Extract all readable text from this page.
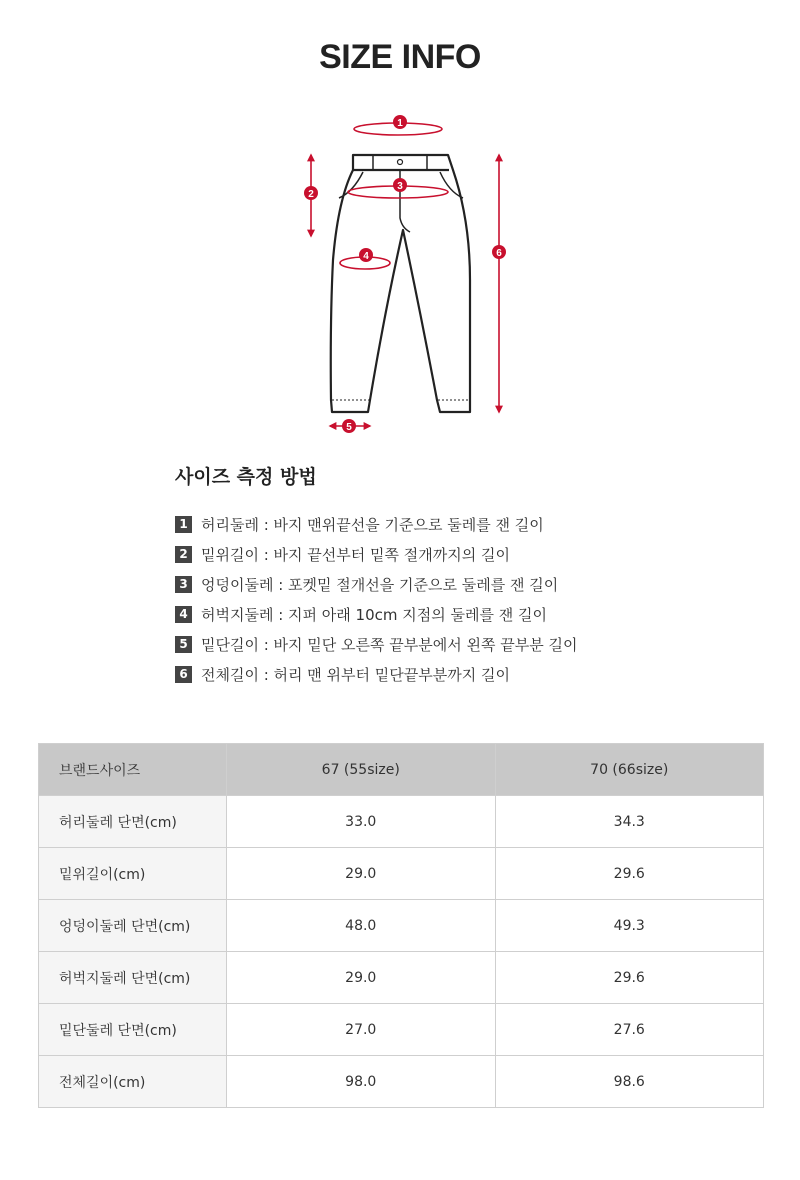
SIZE INFO
1
2
3
4
5
6
사이즈 측정 방법
1 허리둘레 : 바지 맨위끝선을 기준으로 둘레를 잰 길이
2 밑위길이 : 바지 끝선부터 밑쪽 절개까지의 길이
3 엉덩이둘레 : 포켓밑 절개선을 기준으로 둘레를 잰 길이
4 허벅지둘레 : 지퍼 아래 10cm 지점의 둘레를 잰 길이
5 밑단길이 : 바지 밑단 오른쪽 끝부분에서 왼쪽 끝부분 길이
6 전체길이 : 허리 맨 위부터 밑단끝부분까지 길이
브랜드사이즈	67 (55size)	70 (66size)
허리둘레 단면(cm)	33.0	34.3
밑위길이(cm)	29.0	29.6
엉덩이둘레 단면(cm)	48.0	49.3
허벅지둘레 단면(cm)	29.0	29.6
밑단둘레 단면(cm)	27.0	27.6
전체길이(cm)	98.0	98.6
